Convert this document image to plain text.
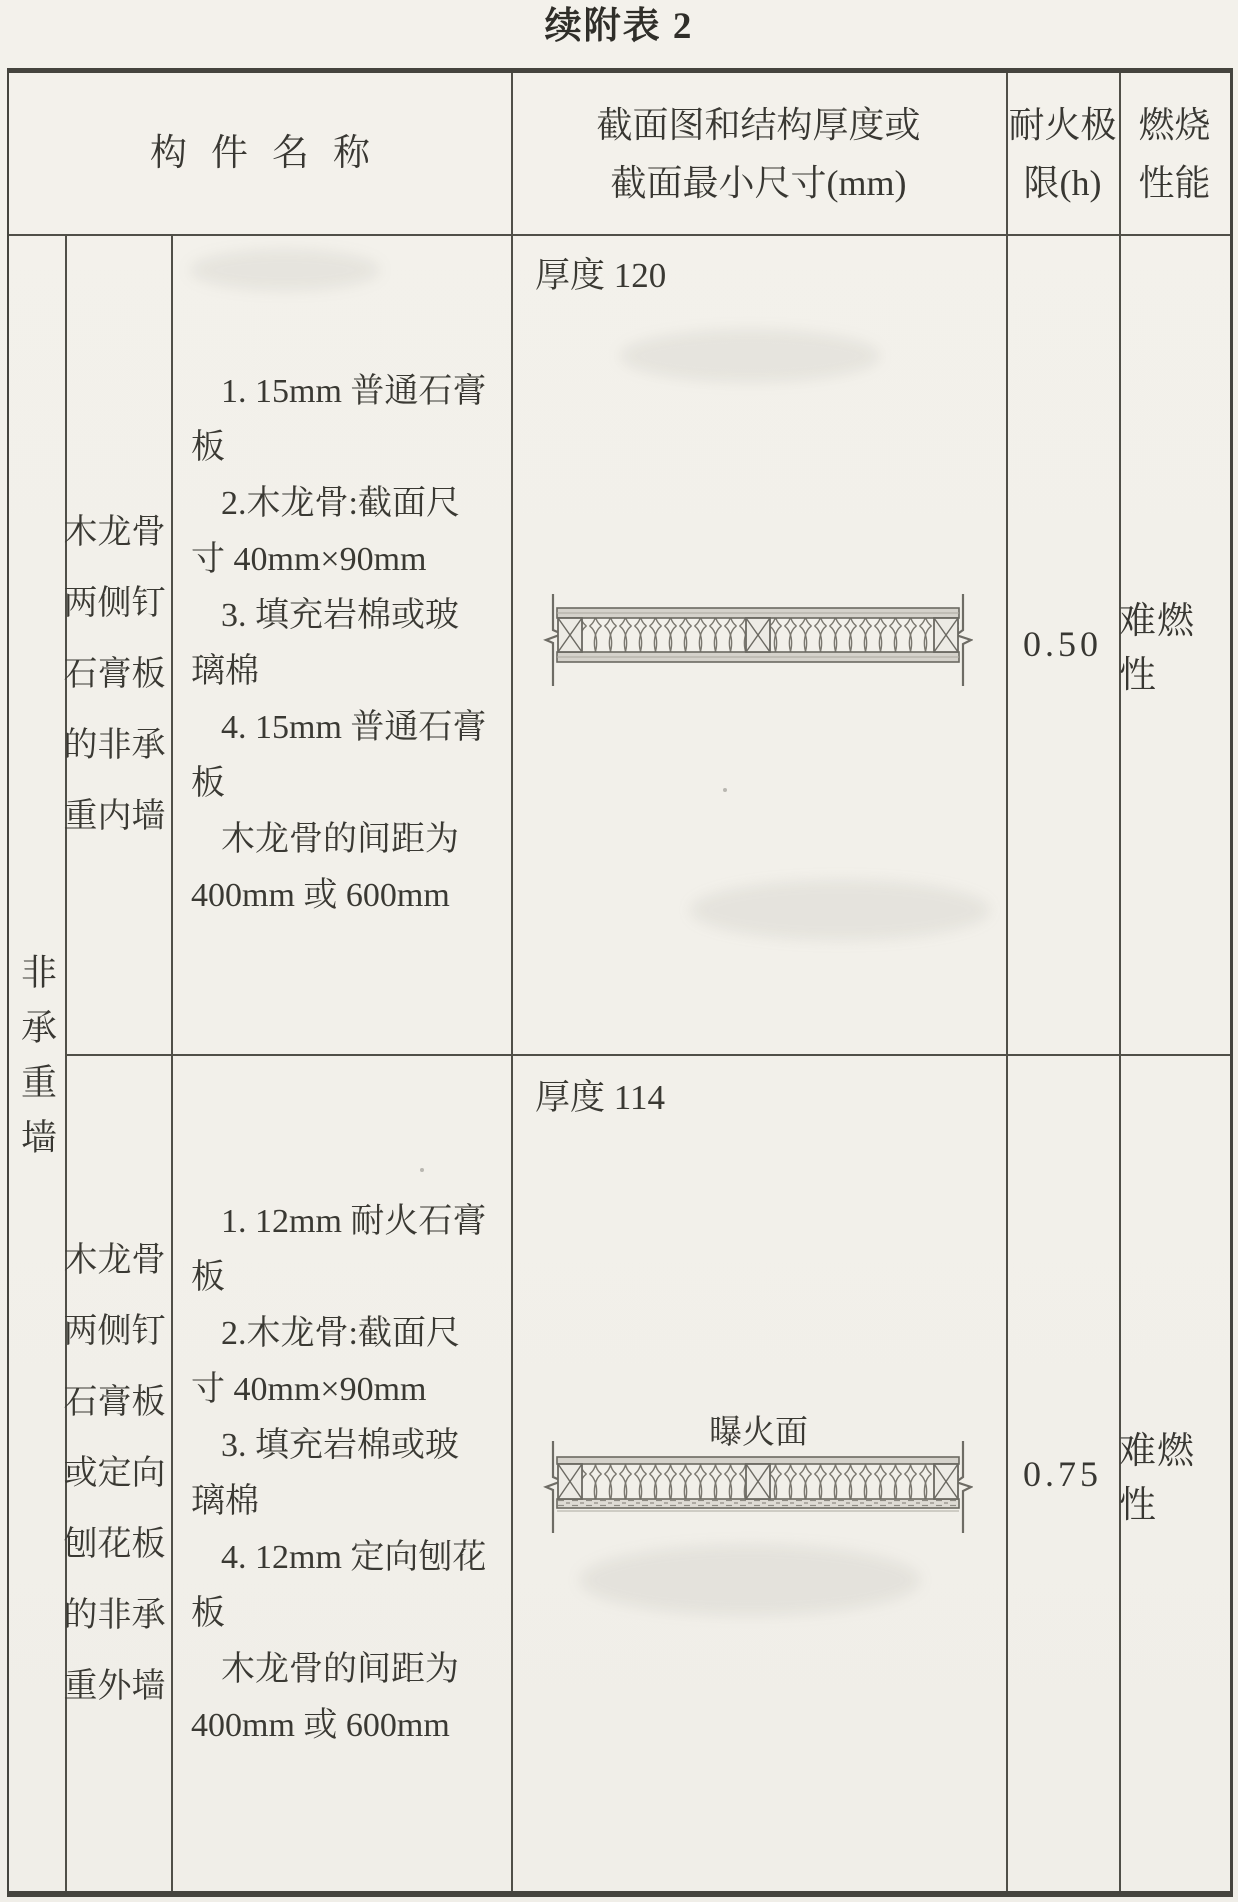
续附表 2
构件名称
截面图和结构厚度或
截面最小尺寸(mm)
耐火极
限(h)
燃烧
性能
非承重墙
木龙骨两侧钉石膏板的非承重内墙

1. 15mm 普通石膏板

2.木龙骨:截面尺寸 40mm×90mm

3. 填充岩棉或玻璃棉

4. 15mm 普通石膏板

木龙骨的间距为 400mm 或 600mm

厚度 120
0.50
难燃性
木龙骨两侧钉石膏板或定向刨花板的非承重外墙

1. 12mm 耐火石膏板

2.木龙骨:截面尺寸 40mm×90mm

3. 填充岩棉或玻璃棉

4. 12mm 定向刨花板

木龙骨的间距为 400mm 或 600mm

厚度 114
曝火面
0.75
难燃性
